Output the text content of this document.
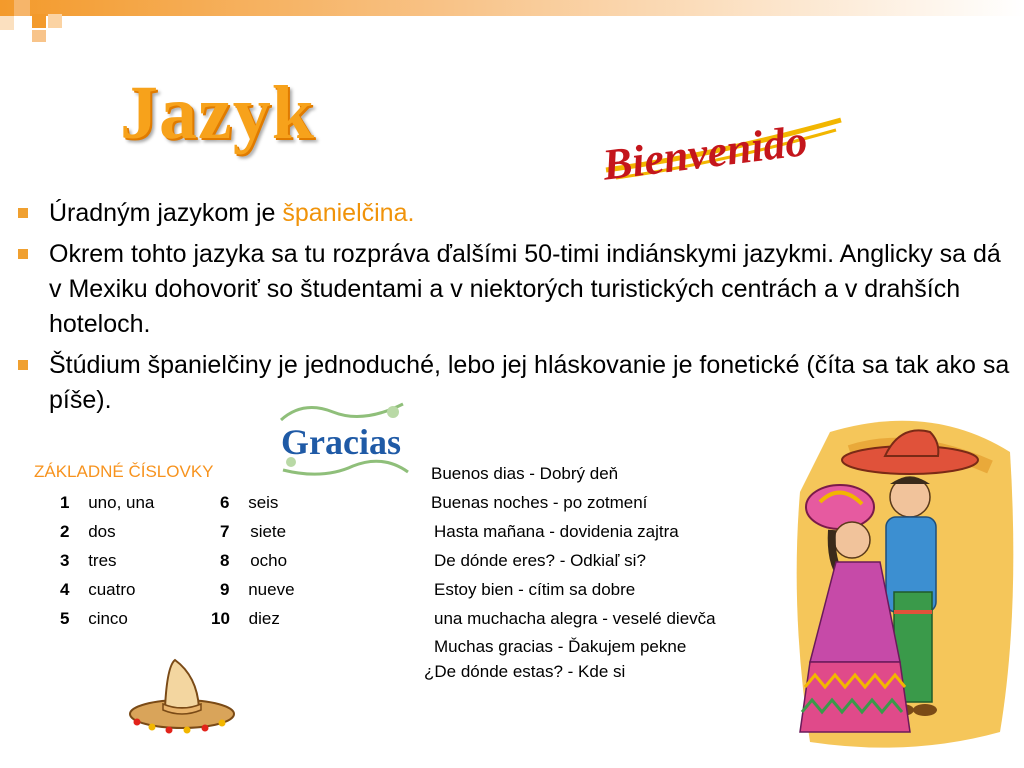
Jazyk	Bienvenido
Úradným jazykom je španielčina.
Okrem tohto jazyka sa tu rozpráva ďalšími 50-timi indiánskymi jazykmi. Anglicky sa dá v Mexiku dohovoriť so študentami a v niektorých turistických centrách a v drahších hoteloch.
Štúdium španielčiny je jednoduché, lebo jej hláskovanie je fonetické (číta sa tak ako sa píše).
Gracias
ZÁKLADNÉ ČÍSLOVKY
1 uno, una	6 seis
2 dos	7 siete
3 tres	8 ocho
4 cuatro	9 nueve
5 cinco	10 diez
Buenos dias - Dobrý deň
Buenas noches - po zotmení
Hasta mañana - dovidenia zajtra
De dónde eres? - Odkiaľ si?
Estoy bien - cítim sa dobre
una muchacha alegra - veselé dievča
Muchas gracias - Ďakujem pekne
¿De dónde estas? - Kde si
